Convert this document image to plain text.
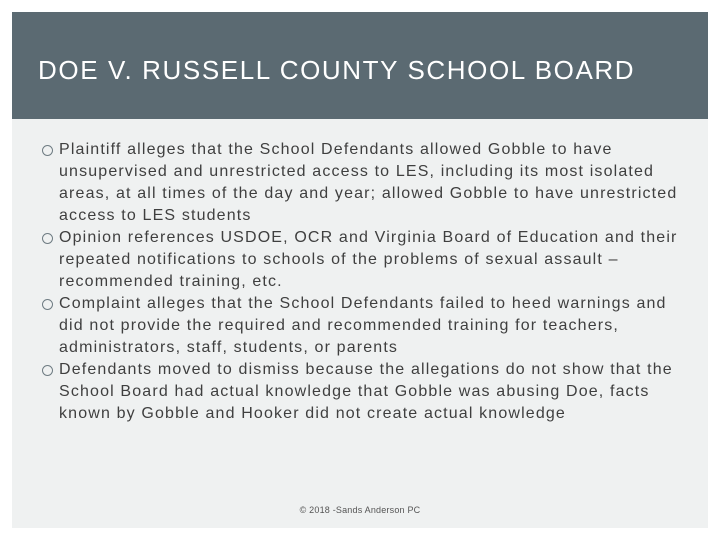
DOE V. RUSSELL COUNTY SCHOOL BOARD
Plaintiff alleges that the School Defendants allowed Gobble to have unsupervised and unrestricted access to LES, including its most isolated areas, at all times of the day and year; allowed Gobble to have unrestricted access to LES students
Opinion references USDOE, OCR and Virginia Board of Education and their repeated notifications to schools of the problems of sexual assault – recommended training, etc.
Complaint alleges that the School Defendants failed to heed warnings and did not provide the required and recommended training for teachers, administrators, staff, students, or parents
Defendants moved to dismiss because the allegations do not show that the School Board had actual knowledge that Gobble was abusing Doe, facts known by Gobble and Hooker did not create actual knowledge
© 2018 -Sands Anderson PC
